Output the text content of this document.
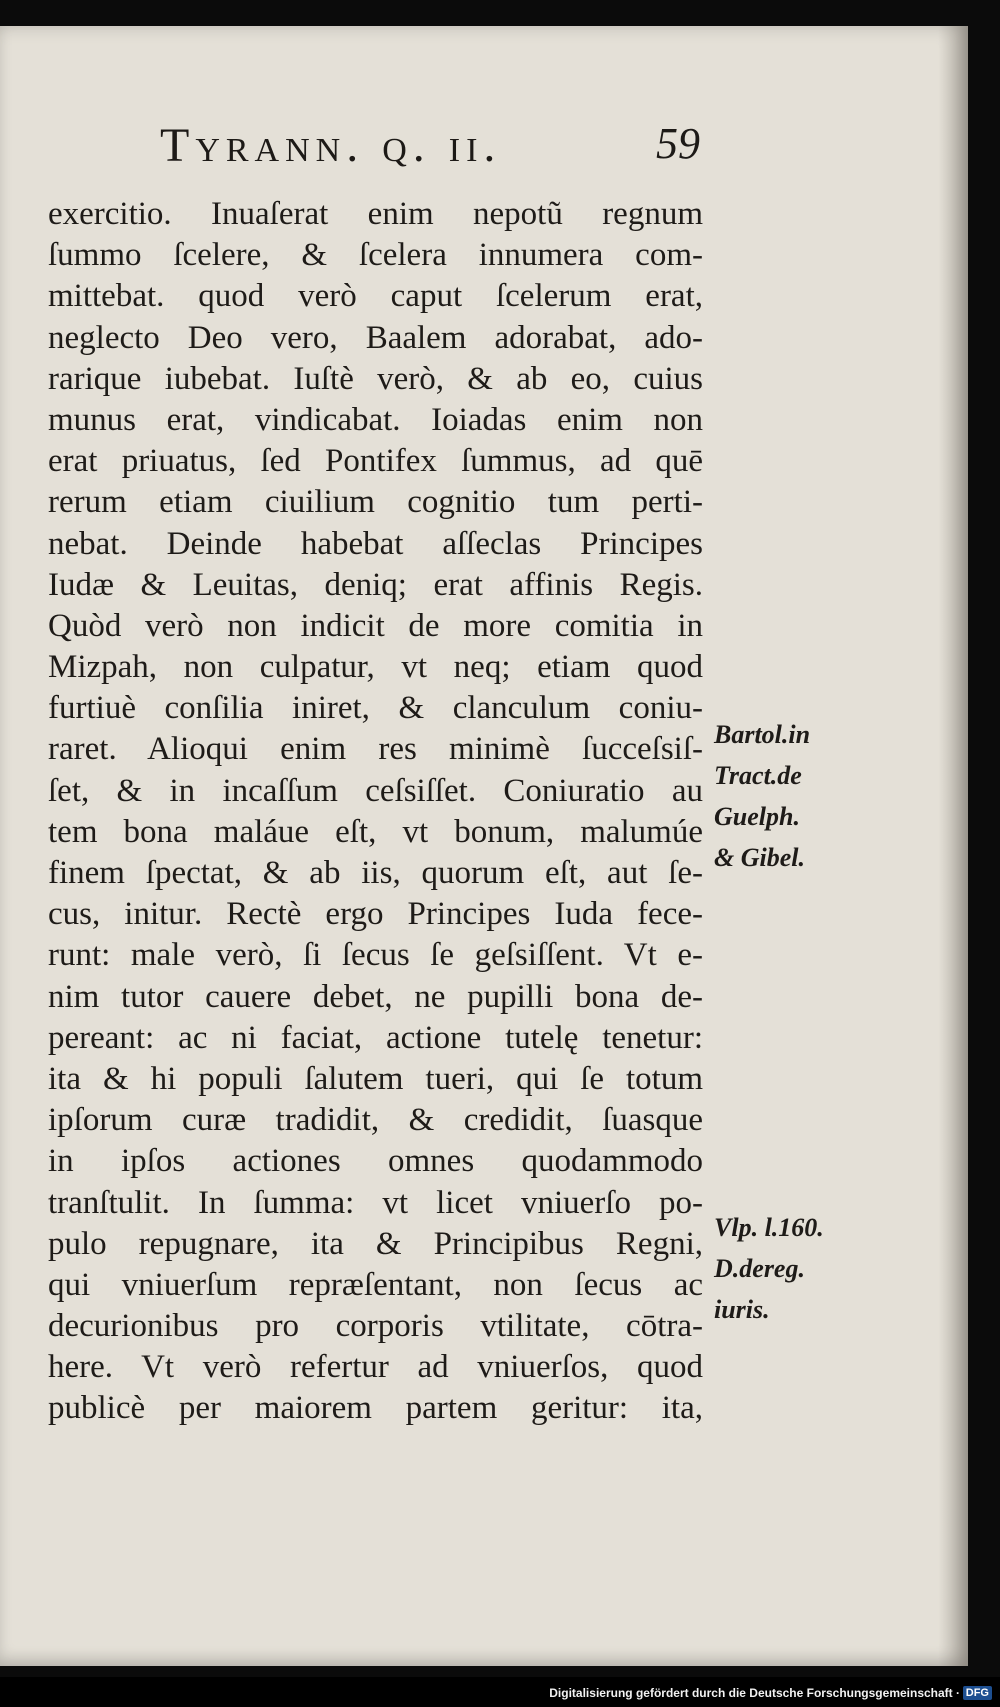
Tyrann. q. ii.	59
exercitio. Inuaſerat enim nepotũ regnum
ſummo ſcelere, & ſcelera innumera com-
mittebat. quod verò caput ſcelerum erat,
neglecto Deo vero, Baalem adorabat, ado-
rarique iubebat. Iuſtè verò, & ab eo, cuius
munus erat, vindicabat. Ioiadas enim non
erat priuatus, ſed Pontifex ſummus, ad quē
rerum etiam ciuilium cognitio tum perti-
nebat. Deinde habebat aſſeclas Principes
Iudæ & Leuitas, deniq; erat affinis Regis.
Quòd verò non indicit de more comitia in
Mizpah, non culpatur, vt neq; etiam quod
furtiuè conſilia iniret, & clanculum coniu-
raret. Alioqui enim res minimè ſucceſsiſ-
ſet, & in incaſſum ceſsiſſet. Coniuratio au
tem bona maláue eſt, vt bonum, malumúe
finem ſpectat, & ab iis, quorum eſt, aut ſe-
cus, initur. Rectè ergo Principes Iuda fece-
runt: male verò, ſi ſecus ſe geſsiſſent. Vt e-
nim tutor cauere debet, ne pupilli bona de-
pereant: ac ni faciat, actione tutelę tenetur:
ita & hi populi ſalutem tueri, qui ſe totum
ipſorum curæ tradidit, & credidit, ſuasque
in ipſos actiones omnes quodammodo
tranſtulit. In ſumma: vt licet vniuerſo po-
pulo repugnare, ita & Principibus Regni,
qui vniuerſum repræſentant, non ſecus ac
decurionibus pro corporis vtilitate, cōtra-
here. Vt verò refertur ad vniuerſos, quod
publicè per maiorem partem geritur: ita,
Bartol.in
Tract.de
Guelph.
& Gibel.
Vlp. l.160.
D.dereg.
iuris.
Digitalisierung gefördert durch die Deutsche Forschungsgemeinschaft · DFG
